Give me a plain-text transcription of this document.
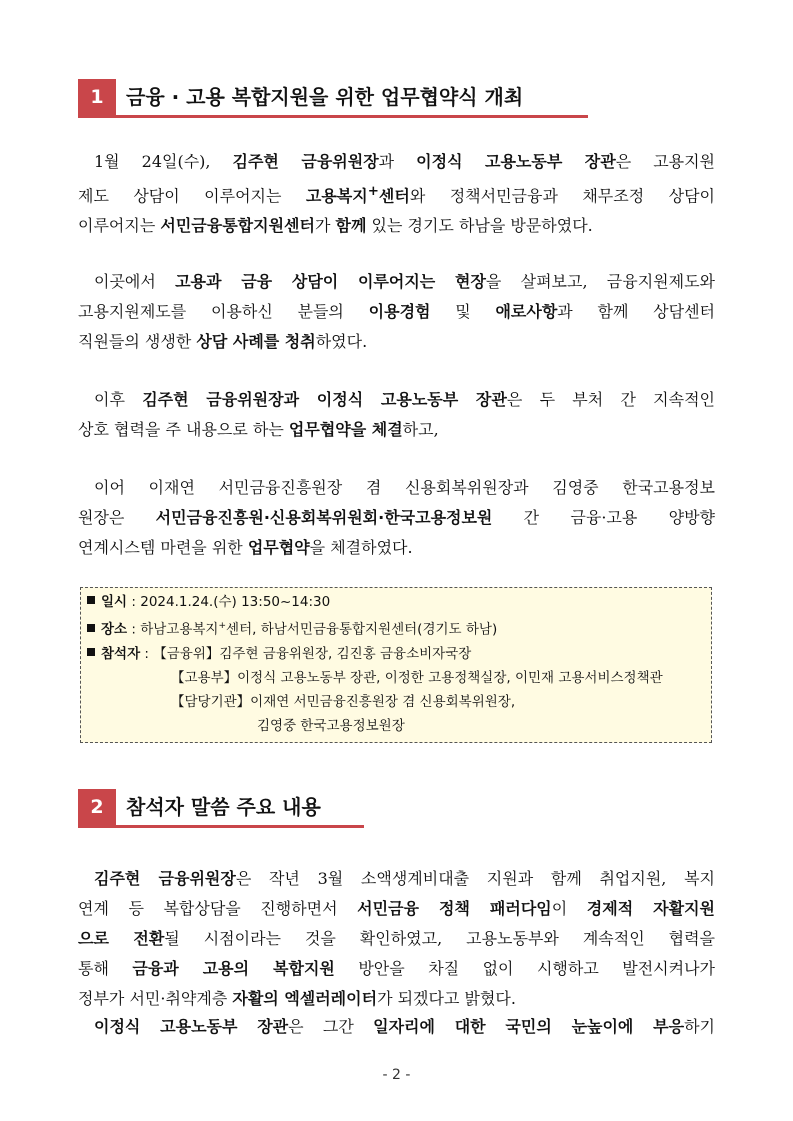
1	금융 · 고용 복합지원을 위한 업무협약식 개최

1월 24일(수), 김주현 금융위원장과 이정식 고용노동부 장관은 고용지원
제도 상담이 이루어지는 고용복지+센터와 정책서민금융과 채무조정 상담이
이루어지는 서민금융통합지원센터가 함께 있는 경기도 하남을 방문하였다.

이곳에서 고용과 금융 상담이 이루어지는 현장을 살펴보고, 금융지원제도와
고용지원제도를 이용하신 분들의 이용경험 및 애로사항과 함께 상담센터
직원들의 생생한 상담 사례를 청취하였다.

이후 김주현 금융위원장과 이정식 고용노동부 장관은 두 부처 간 지속적인
상호 협력을 주 내용으로 하는 업무협약을 체결하고,

이어 이재연 서민금융진흥원장 겸 신용회복위원장과 김영중 한국고용정보
원장은 서민금융진흥원·신용회복위원회·한국고용정보원 간 금융·고용 양방향
연계시스템 마련을 위한 업무협약을 체결하였다.

일시 : 2024.1.24.(수) 13:50~14:30
장소 : 하남고용복지+센터, 하남서민금융통합지원센터(경기도 하남)
참석자 : 【금융위】김주현 금융위원장, 김진홍 금융소비자국장
【고용부】이정식 고용노동부 장관, 이정한 고용정책실장, 이민재 고용서비스정책관
【담당기관】이재연 서민금융진흥원장 겸 신용회복위원장,
김영중 한국고용정보원장
2	참석자 말씀 주요 내용

김주현 금융위원장은 작년 3월 소액생계비대출 지원과 함께 취업지원, 복지
연계 등 복합상담을 진행하면서 서민금융 정책 패러다임이 경제적 자활지원
으로 전환될 시점이라는 것을 확인하였고, 고용노동부와 계속적인 협력을
통해 금융과 고용의 복합지원 방안을 차질 없이 시행하고 발전시켜나가
정부가 서민·취약계층 자활의 엑셀러레이터가 되겠다고 밝혔다.

이정식 고용노동부 장관은 그간 일자리에 대한 국민의 눈높이에 부응하기

- 2 -
